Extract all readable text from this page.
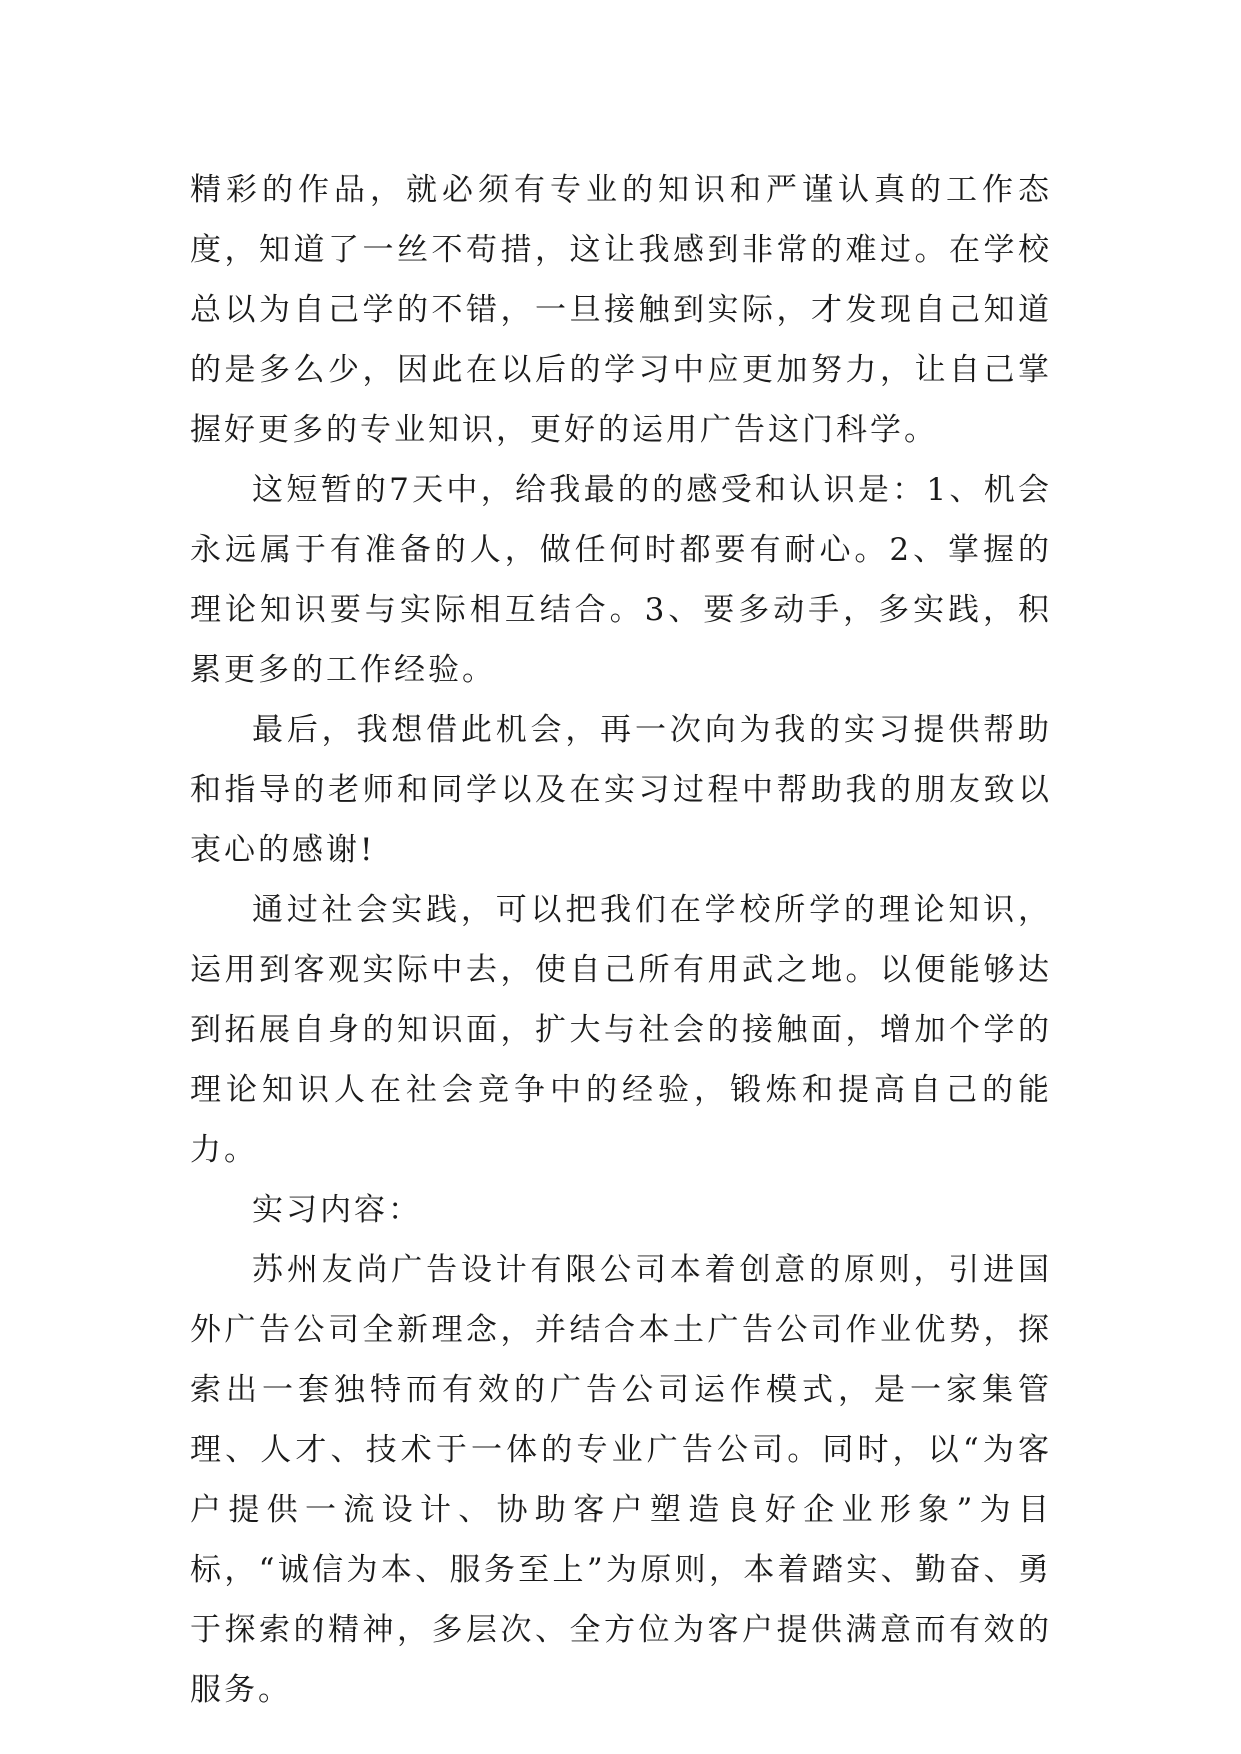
精彩的作品，就必须有专业的知识和严谨认真的工作态度，知道了一丝不苟措，这让我感到非常的难过。在学校总以为自己学的不错，一旦接触到实际，才发现自己知道的是多么少，因此在以后的学习中应更加努力，让自己掌握好更多的专业知识，更好的运用广告这门科学。

这短暂的7天中，给我最的的感受和认识是：1、机会永远属于有准备的人，做任何时都要有耐心。2、掌握的理论知识要与实际相互结合。3、要多动手，多实践，积累更多的工作经验。

最后，我想借此机会，再一次向为我的实习提供帮助和指导的老师和同学以及在实习过程中帮助我的朋友致以衷心的感谢!

通过社会实践，可以把我们在学校所学的理论知识，运用到客观实际中去，使自己所有用武之地。以便能够达到拓展自身的知识面，扩大与社会的接触面，增加个学的理论知识人在社会竞争中的经验，锻炼和提高自己的能力。

实习内容：

苏州友尚广告设计有限公司本着创意的原则，引进国外广告公司全新理念，并结合本土广告公司作业优势，探索出一套独特而有效的广告公司运作模式，是一家集管理、人才、技术于一体的专业广告公司。同时，以“为客户提供一流设计、协助客户塑造良好企业形象”为目标，“诚信为本、服务至上”为原则，本着踏实、勤奋、勇于探索的精神，多层次、全方位为客户提供满意而有效的服务。
